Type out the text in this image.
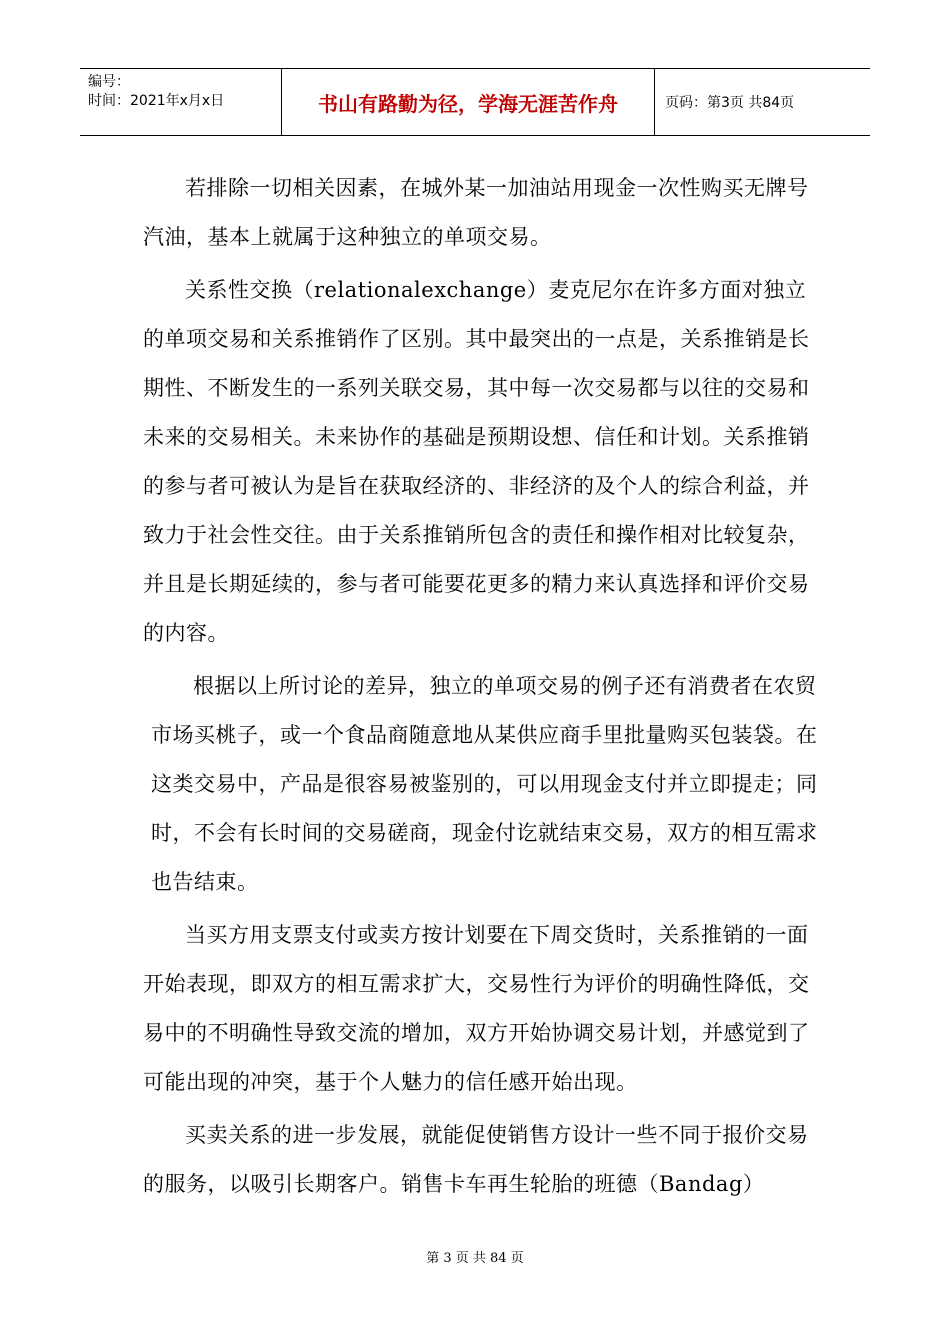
编号：
时间：2021年x月x日	书山有路勤为径，学海无涯苦作舟	页码：第3页 共84页

若排除一切相关因素，在城外某一加油站用现金一次性购买无牌号汽油，基本上就属于这种独立的单项交易。

关系性交换（relationalexchange）麦克尼尔在许多方面对独立的单项交易和关系推销作了区别。其中最突出的一点是，关系推销是长期性、不断发生的一系列关联交易，其中每一次交易都与以往的交易和未来的交易相关。未来协作的基础是预期设想、信任和计划。关系推销的参与者可被认为是旨在获取经济的、非经济的及个人的综合利益，并致力于社会性交往。由于关系推销所包含的责任和操作相对比较复杂，并且是长期延续的，参与者可能要花更多的精力来认真选择和评价交易的内容。

根据以上所讨论的差异，独立的单项交易的例子还有消费者在农贸市场买桃子，或一个食品商随意地从某供应商手里批量购买包装袋。在这类交易中，产品是很容易被鉴别的，可以用现金支付并立即提走；同时，不会有长时间的交易磋商，现金付讫就结束交易，双方的相互需求也告结束。

当买方用支票支付或卖方按计划要在下周交货时，关系推销的一面开始表现，即双方的相互需求扩大，交易性行为评价的明确性降低，交易中的不明确性导致交流的增加，双方开始协调交易计划，并感觉到了可能出现的冲突，基于个人魅力的信任感开始出现。

买卖关系的进一步发展，就能促使销售方设计一些不同于报价交易的服务，以吸引长期客户。销售卡车再生轮胎的班德（Bandag）

第 3 页 共 84 页
